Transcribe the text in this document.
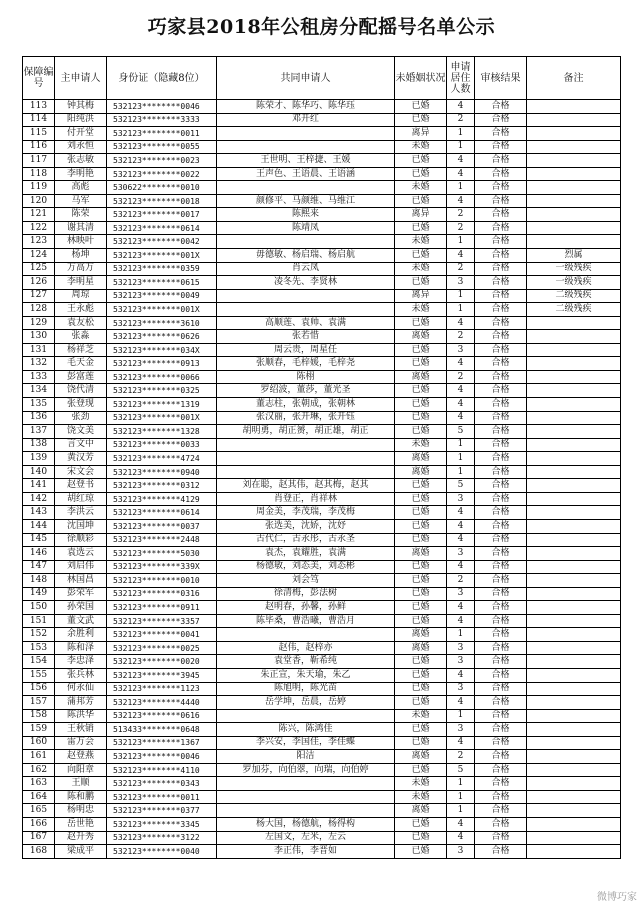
巧家县2018年公租房分配摇号名单公示
保障编号	主申请人	身份证（隐藏8位）	共同申请人	未婚姻状况	申请居住人数	审核结果	备注
113	钟其梅	532123********0046	陈荣才、陈华巧、陈华珏	已婚	4	合格	
114	阳纯洪	532123********3333	邓开红	已婚	2	合格	
115	付开堂	532123********0011		离异	1	合格	
116	刘永恒	532123********0055		未婚	1	合格	
117	张志敏	532123********0023	王世明、王梓捷、王媛	已婚	4	合格	
118	李明艳	532123********0022	王声色、王语晨、王语涵	已婚	4	合格	
119	高彪	530622********0010		未婚	1	合格	
120	马军	532123********0018	颜修平、马颜维、马维江	已婚	4	合格	
121	陈荣	532123********0017	陈熙来	离异	2	合格	
122	谢其清	532123********0614	陈靖凤	已婚	2	合格	
123	林映叶	532123********0042		未婚	1	合格	
124	杨坤	532123********001X	毋德敏、杨启瑞、杨启航	已婚	4	合格	烈属
125	万高万	532123********0359	肖云凤	未婚	2	合格	一级残疾
126	李明星	532123********0615	凌冬先、李贤林	已婚	3	合格	一级残疾
127	周琼	532123********0049		离异	1	合格	二级残疾
128	王永彪	532123********001X		未婚	1	合格	二级残疾
129	袁友松	532123********3610	高顺莲、袁帅、袁满	已婚	4	合格	
130	张淼	532123********0626	张若惜	离婚	2	合格	
131	杨祥芝	532123********034X	周云贵，周星任	已婚	3	合格	
132	毛天金	532123********0913	张顺春，毛梓媛，毛梓尧	已婚	4	合格	
133	彭富莲	532123********0066	陈栩	离婚	2	合格	
134	饶代清	532123********0325	罗绍波，董莎，董光圣	已婚	4	合格	
135	张登现	532123********1319	董志柱，张朝成，张朝林	已婚	4	合格	
136	张劲	532123********001X	张汉丽，张开琳，张开钰	已婚	4	合格	
137	饶文美	532123********1328	胡明勇，胡正赟，胡正雄，胡正	已婚	5	合格	
138	言文中	532123********0033		未婚	1	合格	
139	黄汉芳	532123********4724		离婚	1	合格	
140	宋文会	532123********0940		离婚	1	合格	
141	赵登书	532123********0312	刘在聪，赵其伟，赵其梅，赵其	已婚	5	合格	
142	胡红琼	532123********4129	肖登正，肖祥林	已婚	3	合格	
143	李洪云	532123********0614	周金美，李茂瑞，李茂梅	已婚	4	合格	
144	沈国坤	532123********0037	张选美，沈娇，沈妤	已婚	4	合格	
145	徐顺彩	532123********2448	古代仁，古永彤，古永圣	已婚	4	合格	
146	袁选云	532123********5030	袁杰，袁耀胜，袁满	离婚	3	合格	
147	刘启伟	532123********339X	杨德敏，刘态美，刘态彬	已婚	4	合格	
148	林国昌	532123********0010	刘会笃	已婚	2	合格	
149	彭荣军	532123********0316	徐清梅，彭法树	已婚	3	合格	
150	孙荣国	532123********0911	赵明春，孙馨，孙鲜	已婚	4	合格	
151	董文武	532123********3357	陈毕桑，曹浩曦，曹浩月	已婚	4	合格	
152	余胜利	532123********0041		离婚	1	合格	
153	陈和泽	532123********0025	赵伟，赵梓亦	离婚	3	合格	
154	李忠泽	532123********0020	袁堂香，靳希纯	已婚	3	合格	
155	张兵林	532123********3945	朱正宣，朱天瑜，朱乙	已婚	4	合格	
156	何永仙	532123********1123	陈旭明，陈光苗	已婚	3	合格	
157	蒲邦芳	532123********4440	岳学坤，岳晨，岳婷	已婚	4	合格	
158	陈洪华	532123********0616		未婚	1	合格	
159	王秋销	513433********0648	陈兴，陈鸿佳	已婚	3	合格	
160	雷万会	532123********1367	李兴安，李国佳，李佳蝶	已婚	4	合格	
161	赵登燕	532123********0046	阳洁	离婚	2	合格	
162	向阳章	532123********4110	罗加芬，向伯翠，向瑞，向伯婷	已婚	5	合格	
163	王顺	532123********0343		未婚	1	合格	
164	陈和鹏	532123********0011		未婚	1	合格	
165	杨明忠	532123********0377		离婚	1	合格	
166	岳世艳	532123********3345	杨大国，杨德航，杨得构	已婚	4	合格	
167	赵升秀	532123********3122	左国文，左米，左云	已婚	4	合格	
168	梁成平	532123********0040	李正伟，李晋如	已婚	3	合格	
微博巧家
